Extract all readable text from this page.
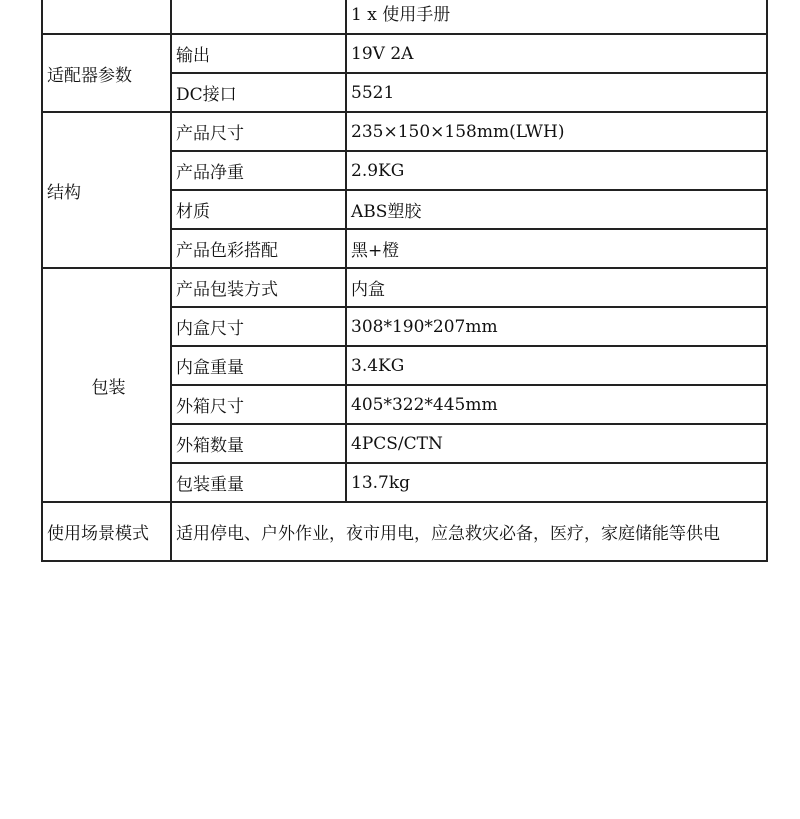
		1 x 使用手册
适配器参数	输出	19V 2A
	DC接口	5521
结构	产品尺寸	235×150×158mm(LWH)
	产品净重	2.9KG
	材质	ABS塑胶
	产品色彩搭配	黑+橙
包装	产品包装方式	内盒
	内盒尺寸	308*190*207mm
	内盒重量	3.4KG
	外箱尺寸	405*322*445mm
	外箱数量	4PCS/CTN
	包装重量	13.7kg
使用场景模式	适用停电、户外作业，夜市用电，应急救灾必备，医疗，家庭储能等供电	
